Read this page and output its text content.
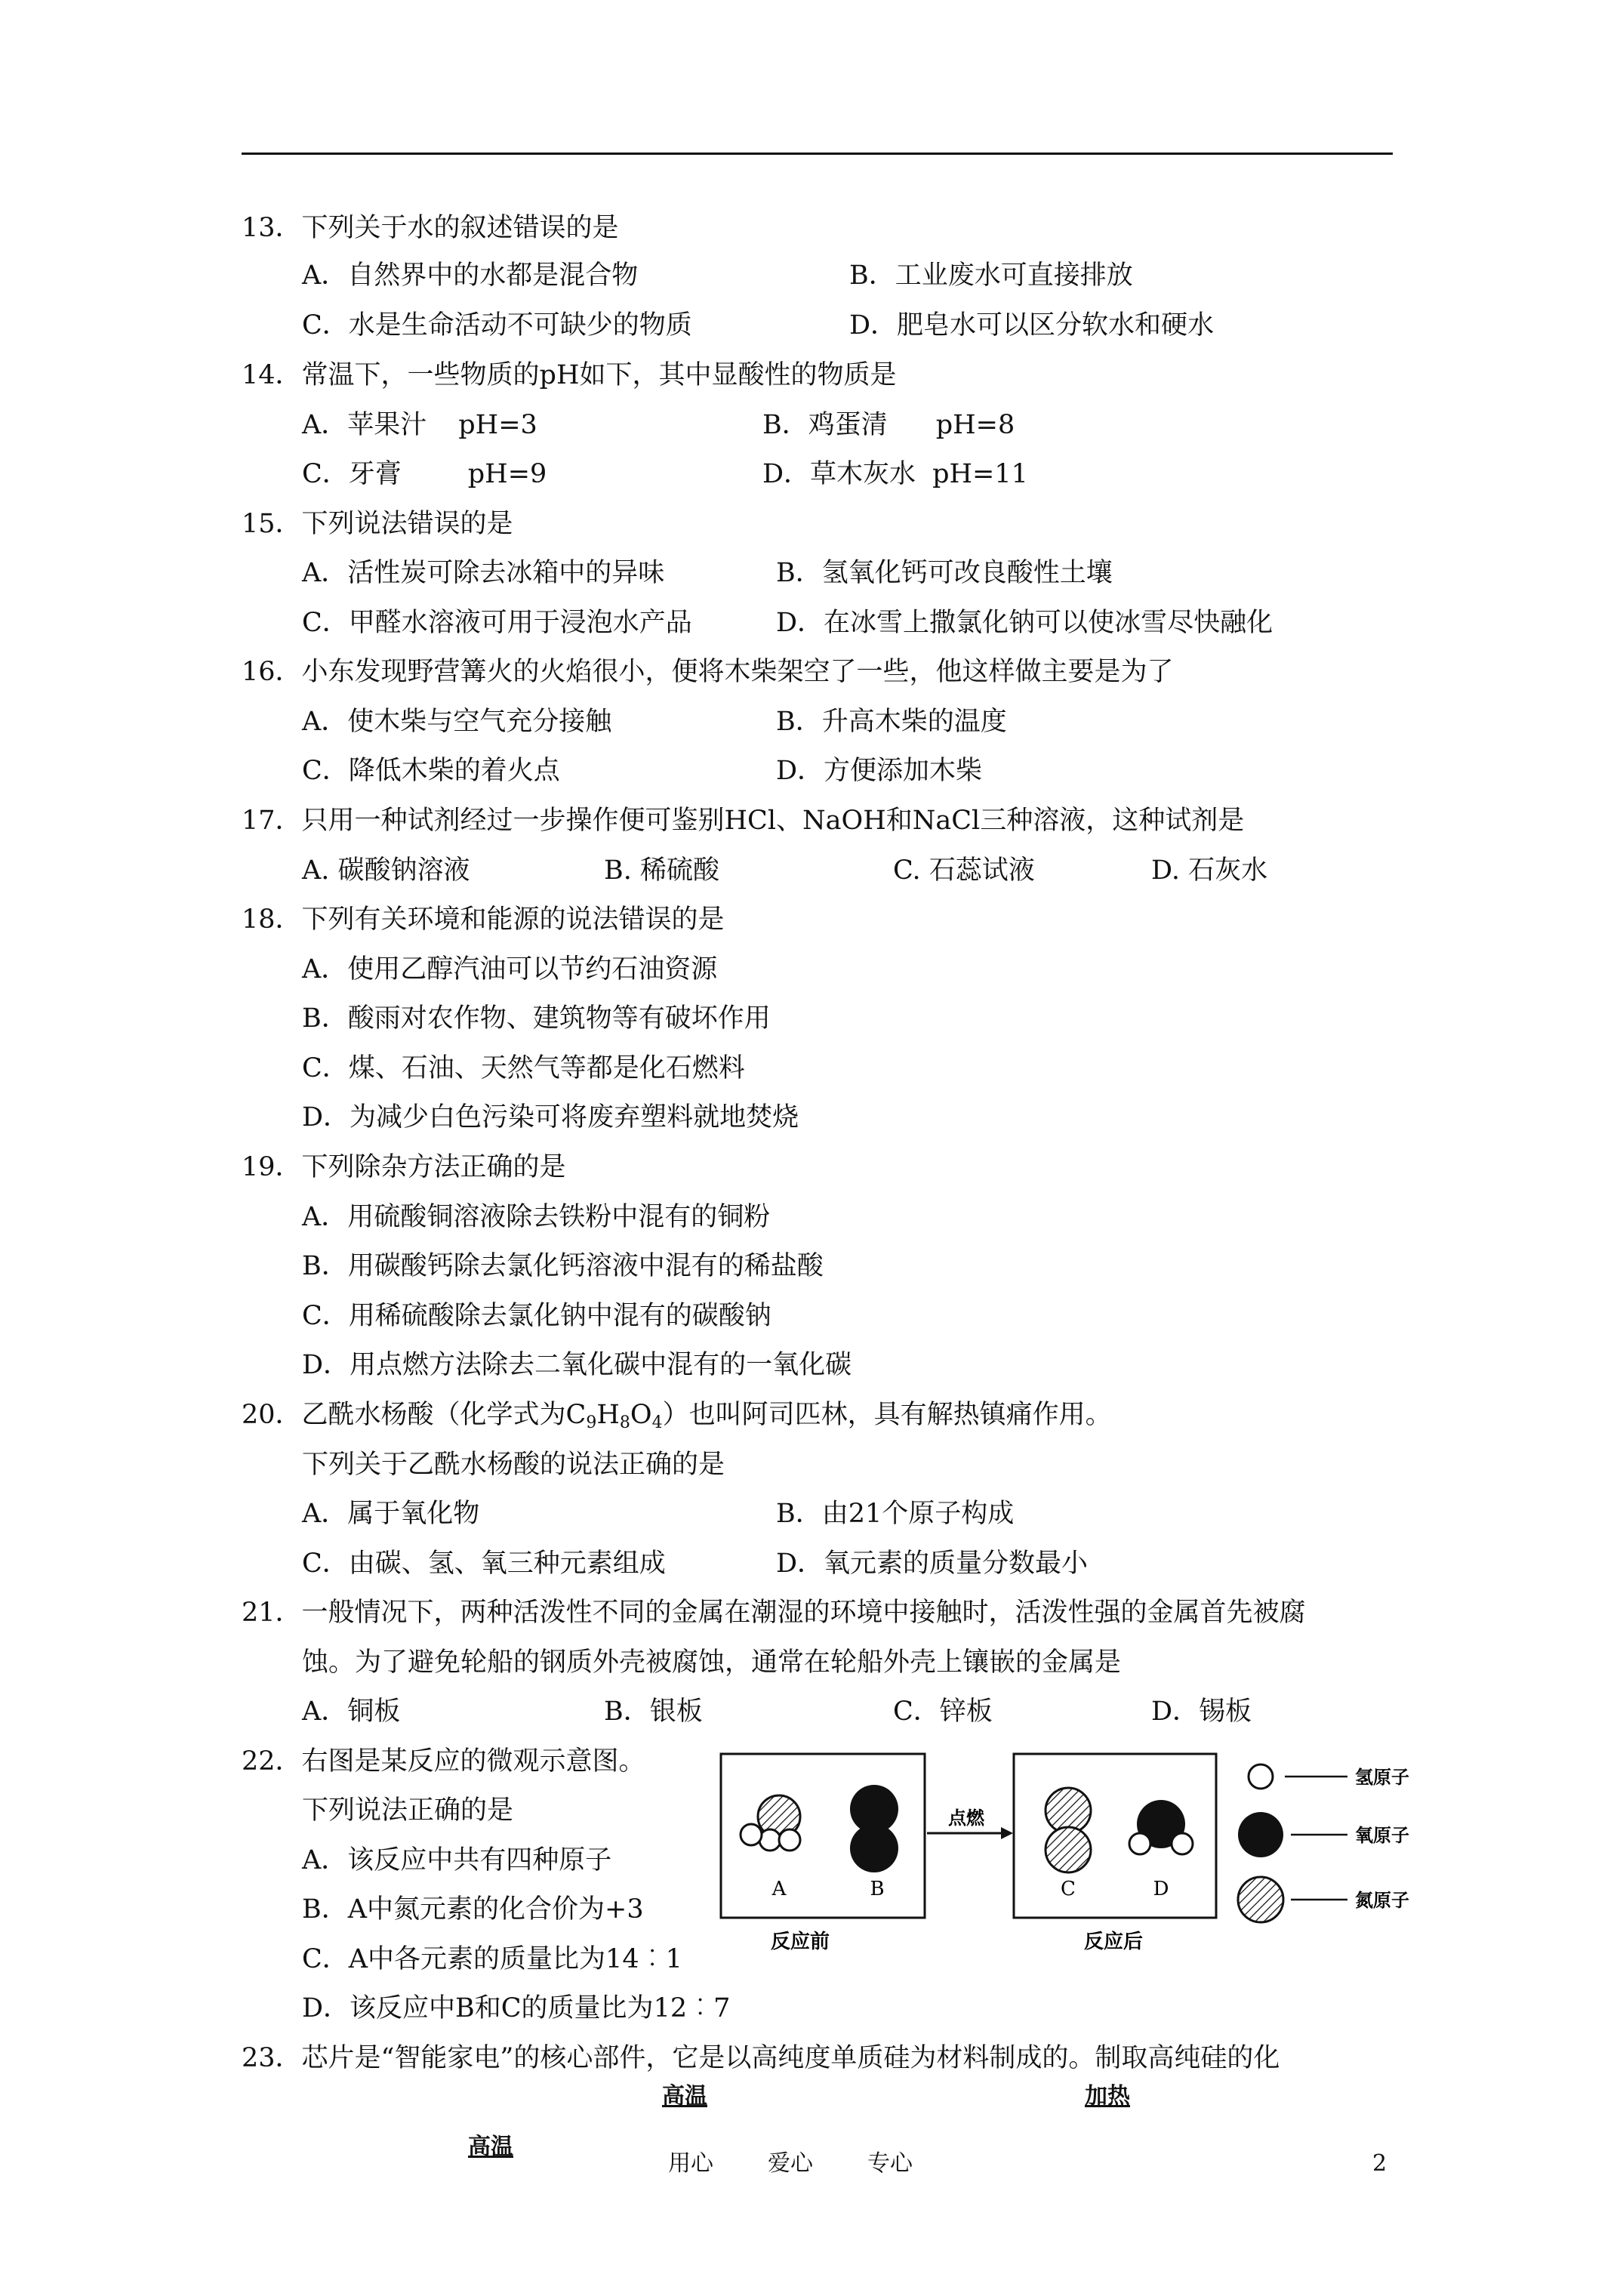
13．下列关于水的叙述错误的是
A．自然界中的水都是混合物	B．工业废水可直接排放
C．水是生命活动不可缺少的物质	D．肥皂水可以区分软水和硬水
14．常温下，一些物质的pH如下，其中显酸性的物质是
A．苹果汁 pH=3	B．鸡蛋清 pH=8
C．牙膏	pH=9	D．草木灰水 pH=11
15．下列说法错误的是
A．活性炭可除去冰箱中的异味	B．氢氧化钙可改良酸性土壤
C．甲醛水溶液可用于浸泡水产品	D．在冰雪上撒氯化钠可以使冰雪尽快融化
16．小东发现野营篝火的火焰很小，便将木柴架空了一些，他这样做主要是为了
A．使木柴与空气充分接触	B．升高木柴的温度
C．降低木柴的着火点	D．方便添加木柴
17．只用一种试剂经过一步操作便可鉴别HCl、NaOH和NaCl三种溶液，这种试剂是
A. 碳酸钠溶液	B. 稀硫酸	C. 石蕊试液	D. 石灰水
18．下列有关环境和能源的说法错误的是
A．使用乙醇汽油可以节约石油资源
B．酸雨对农作物、建筑物等有破坏作用
C．煤、石油、天然气等都是化石燃料
D．为减少白色污染可将废弃塑料就地焚烧
19．下列除杂方法正确的是
A．用硫酸铜溶液除去铁粉中混有的铜粉
B．用碳酸钙除去氯化钙溶液中混有的稀盐酸
C．用稀硫酸除去氯化钠中混有的碳酸钠
D．用点燃方法除去二氧化碳中混有的一氧化碳
20．乙酰水杨酸（化学式为$C_9H_8O_4$）也叫阿司匹林，具有解热镇痛作用。
下列关于乙酰水杨酸的说法正确的是
A．属于氧化物	B．由21个原子构成
C．由碳、氢、氧三种元素组成	D．氧元素的质量分数最小
21．一般情况下，两种活泼性不同的金属在潮湿的环境中接触时，活泼性强的金属首先被腐
蚀。为了避免轮船的钢质外壳被腐蚀，通常在轮船外壳上镶嵌的金属是
A．铜板	B．银板	C．锌板	D．锡板
22．右图是某反应的微观示意图。
下列说法正确的是
A．该反应中共有四种原子
B．A中氮元素的化合价为+3
C．A中各元素的质量比为14︰1
D．该反应中B和C的质量比为12︰7
A	B
反应前
点燃
C	D
反应后
氢原子
氧原子
氮原子
23．芯片是“智能家电”的核心部件，它是以高纯度单质硅为材料制成的。制取高纯硅的化
高温	加热
高温
用心 爱心 专心	2
